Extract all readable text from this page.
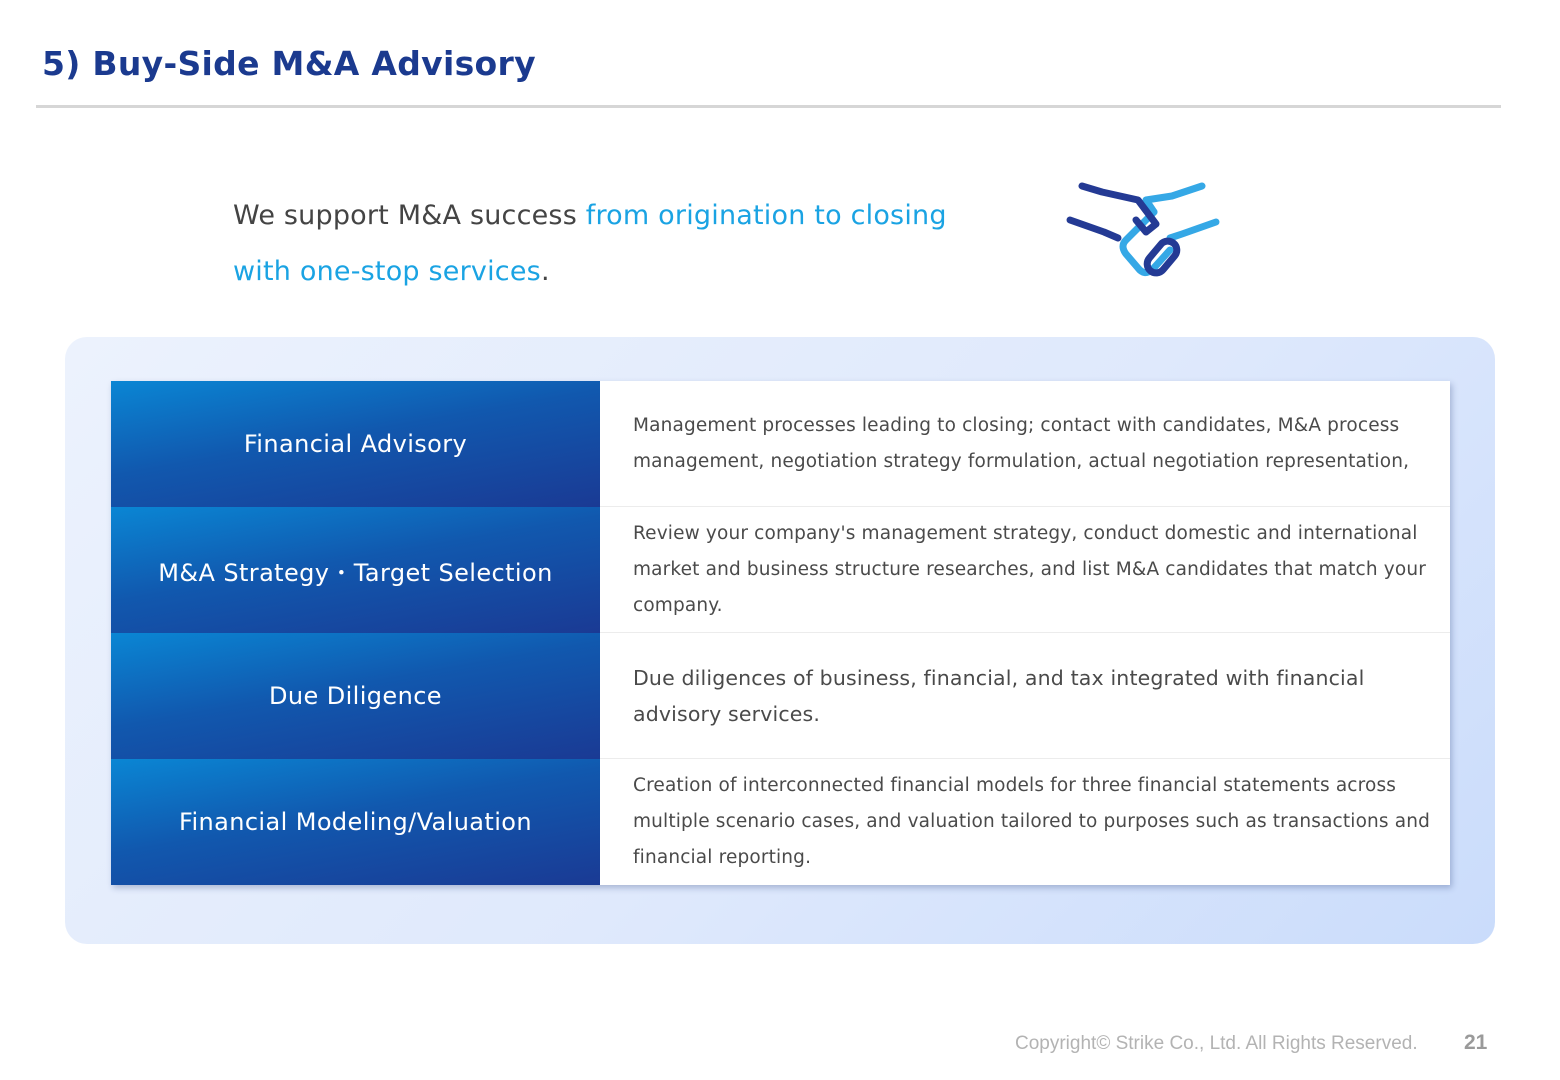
5) Buy-Side M&A Advisory
We support M&A success from origination to closing
with one-stop services.
Financial Advisory
Management processes leading to closing; contact with candidates, M&A process management, negotiation strategy formulation, actual negotiation representation,
M&A Strategy・Target Selection
Review your company's management strategy, conduct domestic and international market and business structure researches, and list M&A candidates that match your company.
Due Diligence
Due diligences of business, financial, and tax integrated with financial advisory services.
Financial Modeling/Valuation
Creation of interconnected financial models for three financial statements across multiple scenario cases, and valuation tailored to purposes such as transactions and financial reporting.
Copyright© Strike Co., Ltd. All Rights Reserved. 21
